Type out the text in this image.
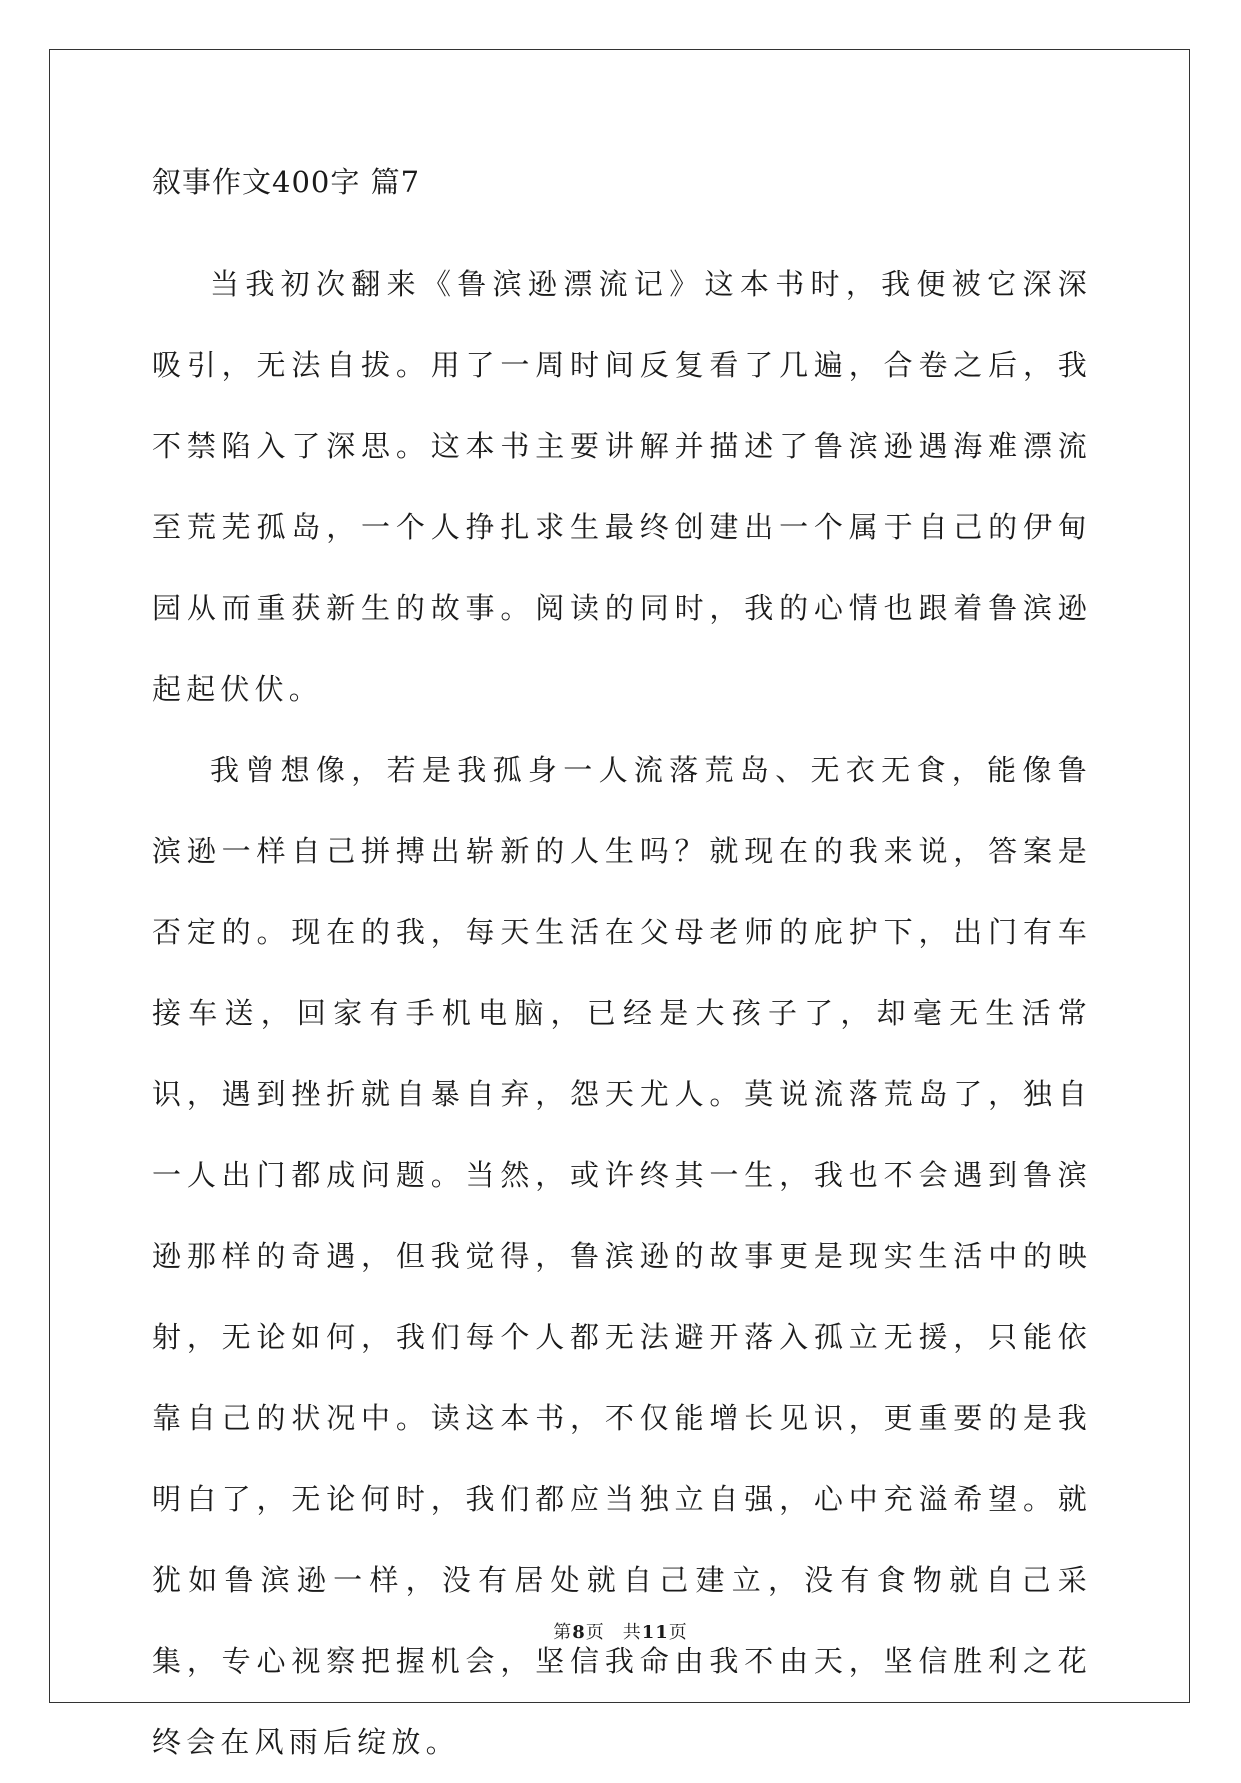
叙事作文400字 篇7

当我初次翻来《鲁滨逊漂流记》这本书时，我便被它深深吸引，无法自拔。用了一周时间反复看了几遍，合卷之后，我不禁陷入了深思。这本书主要讲解并描述了鲁滨逊遇海难漂流至荒芜孤岛，一个人挣扎求生最终创建出一个属于自己的伊甸园从而重获新生的故事。阅读的同时，我的心情也跟着鲁滨逊起起伏伏。

我曾想像，若是我孤身一人流落荒岛、无衣无食，能像鲁滨逊一样自己拼搏出崭新的人生吗？就现在的我来说，答案是否定的。现在的我，每天生活在父母老师的庇护下，出门有车接车送，回家有手机电脑，已经是大孩子了，却毫无生活常识，遇到挫折就自暴自弃，怨天尤人。莫说流落荒岛了，独自一人出门都成问题。当然，或许终其一生，我也不会遇到鲁滨逊那样的奇遇，但我觉得，鲁滨逊的故事更是现实生活中的映射，无论如何，我们每个人都无法避开落入孤立无援，只能依靠自己的状况中。读这本书，不仅能增长见识，更重要的是我明白了，无论何时，我们都应当独立自强，心中充溢希望。就犹如鲁滨逊一样，没有居处就自己建立，没有食物就自己采集，专心视察把握机会，坚信我命由我不由天，坚信胜利之花终会在风雨后绽放。

第8页 共11页
